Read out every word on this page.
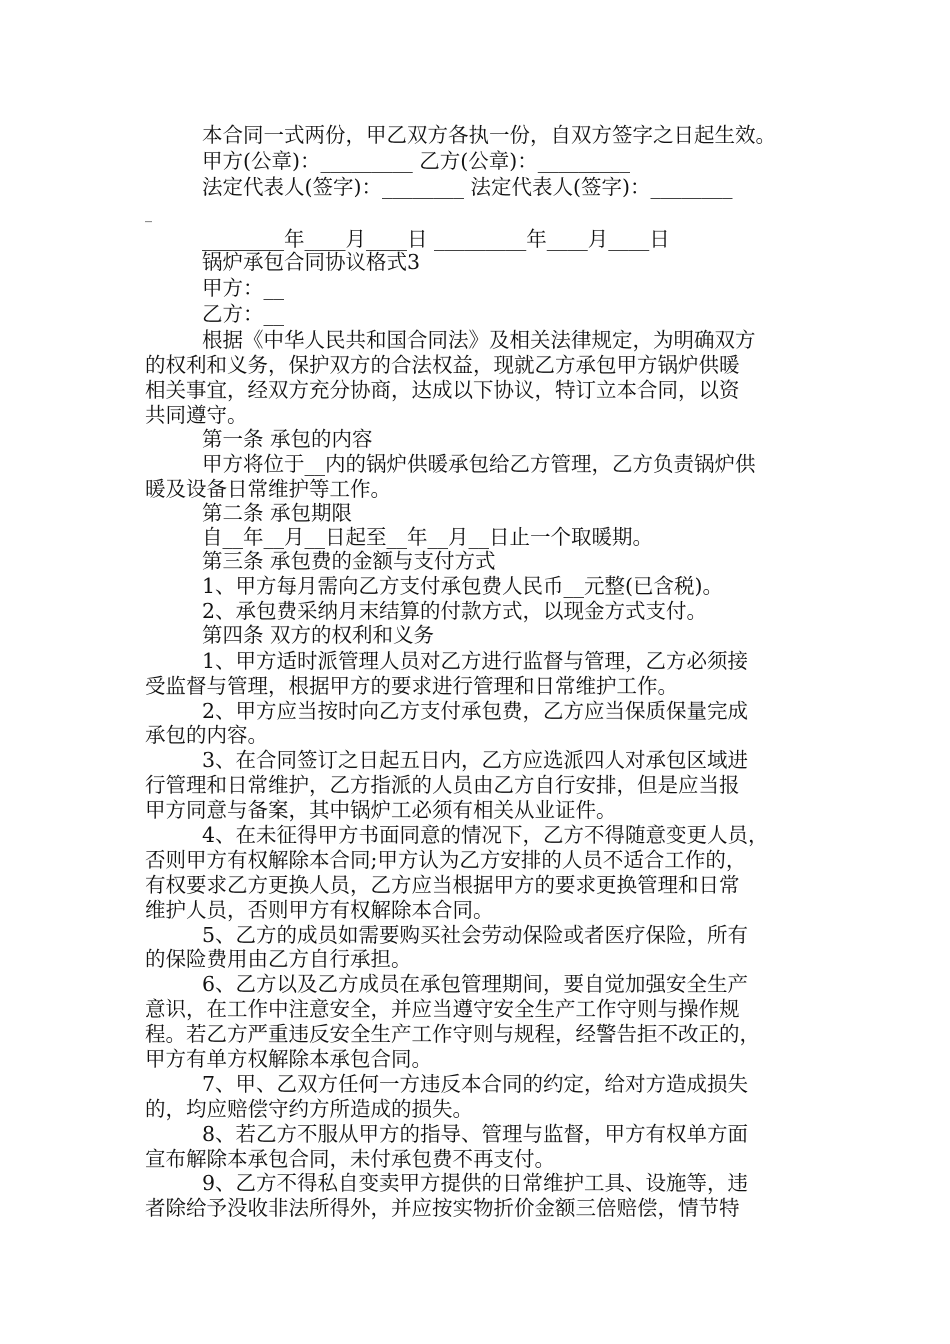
本合同一式两份，甲乙双方各执一份，自双方签字之日起生效。
甲方(公章)：_________ 乙方(公章)：_________
法定代表人(签字)：________ 法定代表人(签字)：________
_
________年____月____日 _________年____月____日
锅炉承包合同协议格式3
甲方：__
乙方：__
根据《中华人民共和国合同法》及相关法律规定，为明确双方
的权利和义务，保护双方的合法权益，现就乙方承包甲方锅炉供暖
相关事宜，经双方充分协商，达成以下协议，特订立本合同，以资
共同遵守。
第一条 承包的内容
甲方将位于__内的锅炉供暖承包给乙方管理，乙方负责锅炉供
暖及设备日常维护等工作。
第二条 承包期限
自__年__月__日起至__年__月__日止一个取暖期。
第三条 承包费的金额与支付方式
1、甲方每月需向乙方支付承包费人民币__元整(已含税)。
2、承包费采纳月末结算的付款方式，以现金方式支付。
第四条 双方的权利和义务
1、甲方适时派管理人员对乙方进行监督与管理，乙方必须接
受监督与管理，根据甲方的要求进行管理和日常维护工作。
2、甲方应当按时向乙方支付承包费，乙方应当保质保量完成
承包的内容。
3、在合同签订之日起五日内，乙方应选派四人对承包区域进
行管理和日常维护，乙方指派的人员由乙方自行安排，但是应当报
甲方同意与备案，其中锅炉工必须有相关从业证件。
4、在未征得甲方书面同意的情况下，乙方不得随意变更人员，
否则甲方有权解除本合同;甲方认为乙方安排的人员不适合工作的，
有权要求乙方更换人员，乙方应当根据甲方的要求更换管理和日常
维护人员，否则甲方有权解除本合同。
5、乙方的成员如需要购买社会劳动保险或者医疗保险，所有
的保险费用由乙方自行承担。
6、乙方以及乙方成员在承包管理期间，要自觉加强安全生产
意识，在工作中注意安全，并应当遵守安全生产工作守则与操作规
程。若乙方严重违反安全生产工作守则与规程，经警告拒不改正的，
甲方有单方权解除本承包合同。
7、甲、乙双方任何一方违反本合同的约定，给对方造成损失
的，均应赔偿守约方所造成的损失。
8、若乙方不服从甲方的指导、管理与监督，甲方有权单方面
宣布解除本承包合同，未付承包费不再支付。
9、乙方不得私自变卖甲方提供的日常维护工具、设施等，违
者除给予没收非法所得外，并应按实物折价金额三倍赔偿，情节特
